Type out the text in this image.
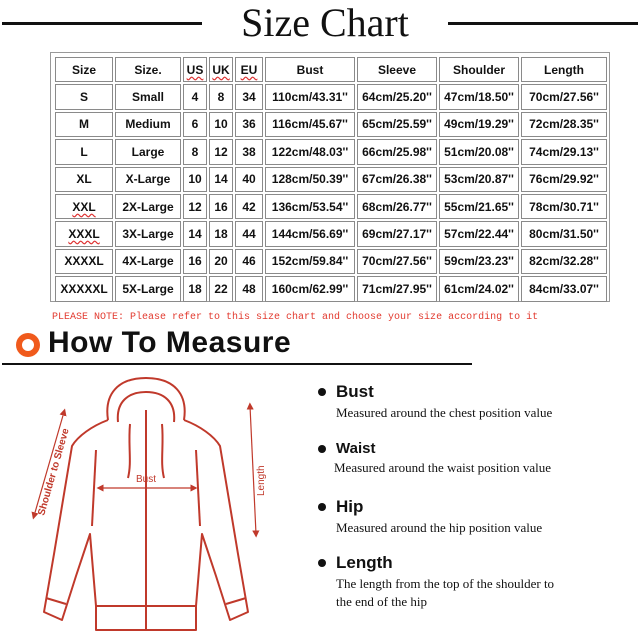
Size Chart
Size	Size.	US	UK	EU	Bust	Sleeve	Shoulder	Length
S	Small	4	8	34	110cm/43.31''	64cm/25.20''	47cm/18.50''	70cm/27.56''
M	Medium	6	10	36	116cm/45.67''	65cm/25.59''	49cm/19.29''	72cm/28.35''
L	Large	8	12	38	122cm/48.03''	66cm/25.98''	51cm/20.08''	74cm/29.13''
XL	X-Large	10	14	40	128cm/50.39''	67cm/26.38''	53cm/20.87''	76cm/29.92''
XXL	2X-Large	12	16	42	136cm/53.54''	68cm/26.77''	55cm/21.65''	78cm/30.71''
XXXL	3X-Large	14	18	44	144cm/56.69''	69cm/27.17''	57cm/22.44''	80cm/31.50''
XXXXL	4X-Large	16	20	46	152cm/59.84''	70cm/27.56''	59cm/23.23''	82cm/32.28''
XXXXXL	5X-Large	18	22	48	160cm/62.99''	71cm/27.95''	61cm/24.02''	84cm/33.07''
PLEASE NOTE: Please refer to this size chart and choose your size according to it
How To Measure
Bust
Shoulder to Sleeve	Length
Bust
Measured around the chest position value
Waist
Measured around the waist position value
Hip
Measured around the hip position value
Length
The length from the top of the shoulder to
the end of the hip
